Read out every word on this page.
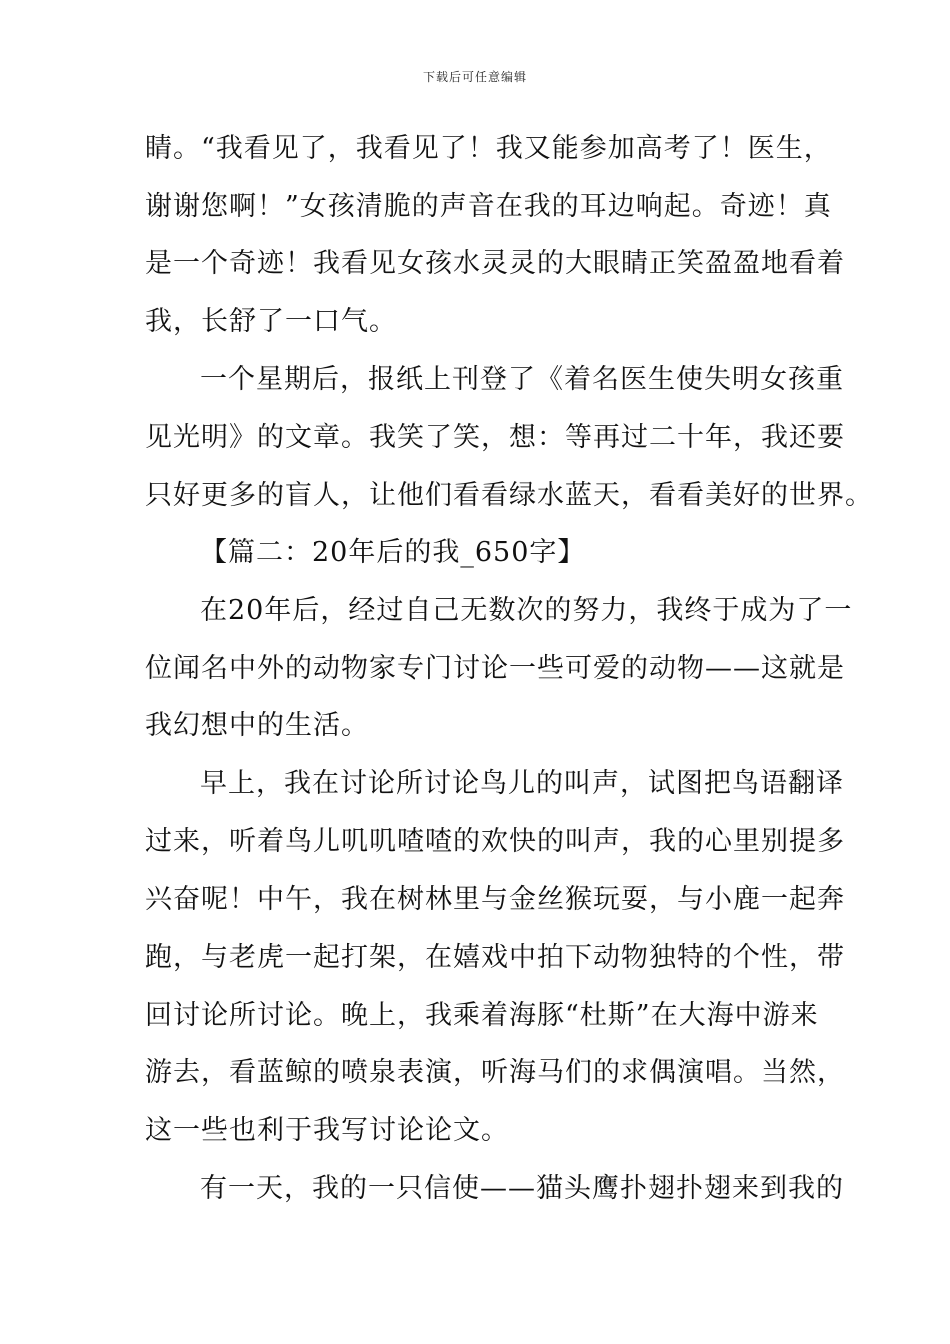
下载后可任意编辑
睛。“我看见了，我看见了！我又能参加高考了！医生，
谢谢您啊！”女孩清脆的声音在我的耳边响起。奇迹！真
是一个奇迹！我看见女孩水灵灵的大眼睛正笑盈盈地看着
我，长舒了一口气。
一个星期后，报纸上刊登了《着名医生使失明女孩重
见光明》的文章。我笑了笑，想：等再过二十年，我还要
只好更多的盲人，让他们看看绿水蓝天，看看美好的世界。
【篇二：20年后的我_650字】
在20年后，经过自己无数次的努力，我终于成为了一
位闻名中外的动物家专门讨论一些可爱的动物——这就是
我幻想中的生活。
早上，我在讨论所讨论鸟儿的叫声，试图把鸟语翻译
过来，听着鸟儿叽叽喳喳的欢快的叫声，我的心里别提多
兴奋呢！中午，我在树林里与金丝猴玩耍，与小鹿一起奔
跑，与老虎一起打架，在嬉戏中拍下动物独特的个性，带
回讨论所讨论。晚上，我乘着海豚“杜斯”在大海中游来
游去，看蓝鲸的喷泉表演，听海马们的求偶演唱。当然，
这一些也利于我写讨论论文。
有一天，我的一只信使——猫头鹰扑翅扑翅来到我的
